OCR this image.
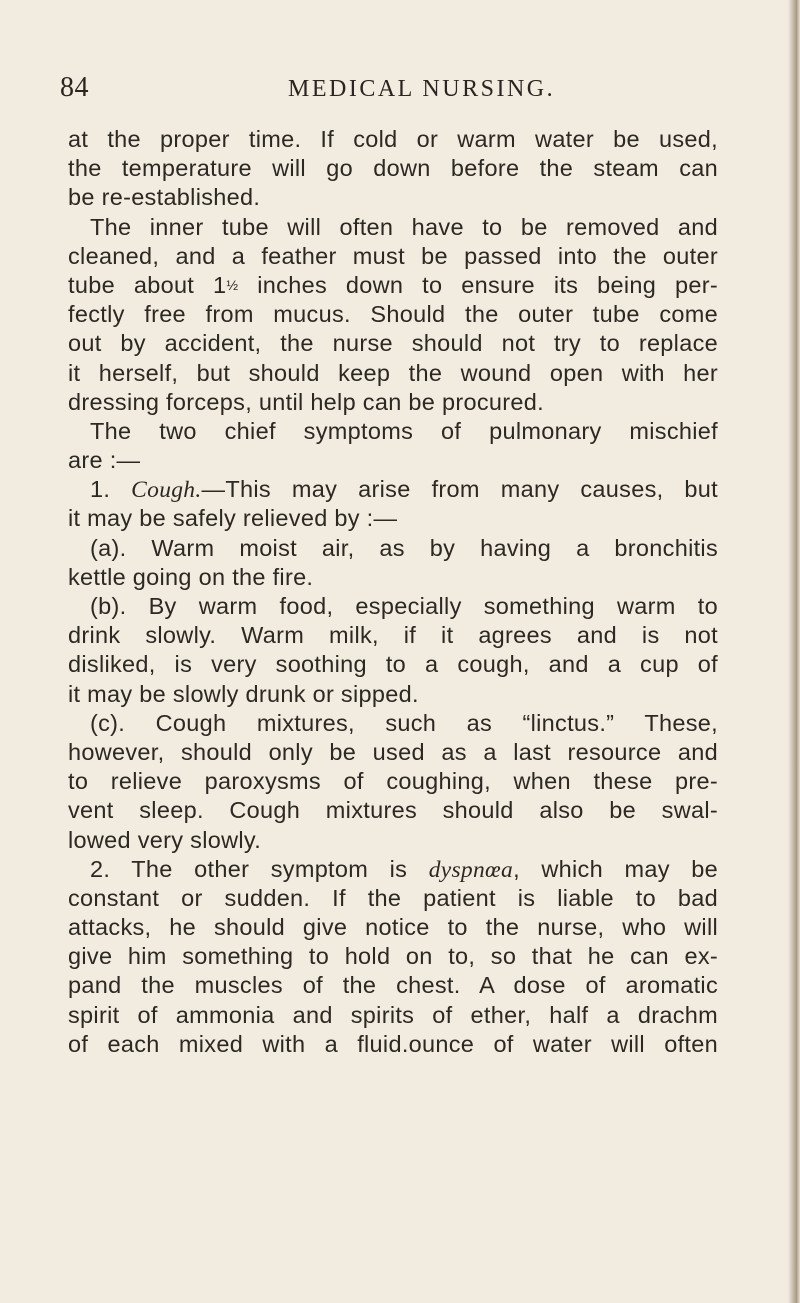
84	MEDICAL NURSING.
at the proper time. If cold or warm water be used,
the temperature will go down before the steam can
be re-established.
The inner tube will often have to be removed and
cleaned, and a feather must be passed into the outer
tube about 1½ inches down to ensure its being per-
fectly free from mucus. Should the outer tube come
out by accident, the nurse should not try to replace
it herself, but should keep the wound open with her
dressing forceps, until help can be procured.
The two chief symptoms of pulmonary mischief
are :—
1. Cough.—This may arise from many causes, but
it may be safely relieved by :—
(a). Warm moist air, as by having a bronchitis
kettle going on the fire.
(b). By warm food, especially something warm to
drink slowly. Warm milk, if it agrees and is not
disliked, is very soothing to a cough, and a cup of
it may be slowly drunk or sipped.
(c). Cough mixtures, such as “linctus.” These,
however, should only be used as a last resource and
to relieve paroxysms of coughing, when these pre-
vent sleep. Cough mixtures should also be swal-
lowed very slowly.
2. The other symptom is dyspnœa, which may be
constant or sudden. If the patient is liable to bad
attacks, he should give notice to the nurse, who will
give him something to hold on to, so that he can ex-
pand the muscles of the chest. A dose of aromatic
spirit of ammonia and spirits of ether, half a drachm
of each mixed with a fluid.ounce of water will often
